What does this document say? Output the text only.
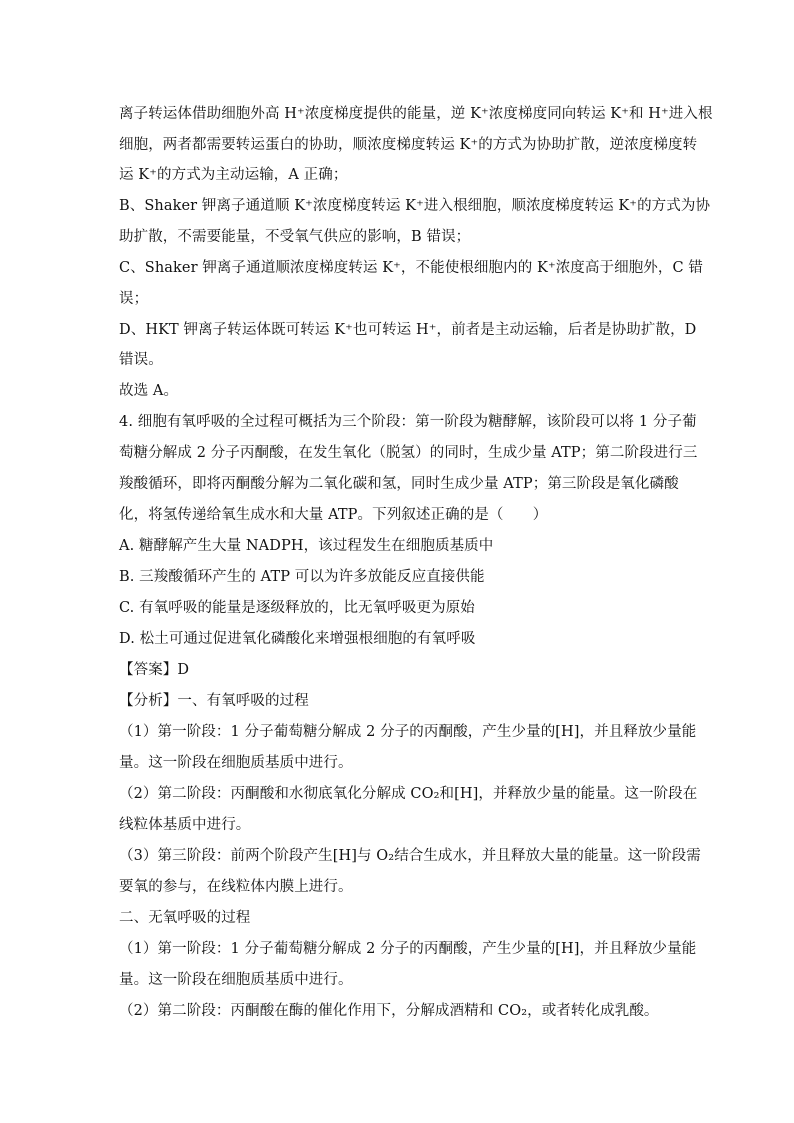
离子转运体借助细胞外高 H⁺浓度梯度提供的能量，逆 K⁺浓度梯度同向转运 K⁺和 H⁺进入根
细胞，两者都需要转运蛋白的协助，顺浓度梯度转运 K⁺的方式为协助扩散，逆浓度梯度转
运 K⁺的方式为主动运输，A 正确；
B、Shaker 钾离子通道顺 K⁺浓度梯度转运 K⁺进入根细胞，顺浓度梯度转运 K⁺的方式为协
助扩散，不需要能量，不受氧气供应的影响，B 错误；
C、Shaker 钾离子通道顺浓度梯度转运 K⁺，不能使根细胞内的 K⁺浓度高于细胞外，C 错
误；
D、HKT 钾离子转运体既可转运 K⁺也可转运 H⁺，前者是主动运输，后者是协助扩散，D
错误。
故选 A。
4. 细胞有氧呼吸的全过程可概括为三个阶段：第一阶段为糖酵解，该阶段可以将 1 分子葡
萄糖分解成 2 分子丙酮酸，在发生氧化（脱氢）的同时，生成少量 ATP；第二阶段进行三
羧酸循环，即将丙酮酸分解为二氧化碳和氢，同时生成少量 ATP；第三阶段是氧化磷酸
化，将氢传递给氧生成水和大量 ATP。下列叙述正确的是（　　）
A. 糖酵解产生大量 NADPH，该过程发生在细胞质基质中
B. 三羧酸循环产生的 ATP 可以为许多放能反应直接供能
C. 有氧呼吸的能量是逐级释放的，比无氧呼吸更为原始
D. 松土可通过促进氧化磷酸化来增强根细胞的有氧呼吸
【答案】D
【分析】一、有氧呼吸的过程
（1）第一阶段：1 分子葡萄糖分解成 2 分子的丙酮酸，产生少量的[H]，并且释放少量能
量。这一阶段在细胞质基质中进行。
（2）第二阶段：丙酮酸和水彻底氧化分解成 CO₂和[H]，并释放少量的能量。这一阶段在
线粒体基质中进行。
（3）第三阶段：前两个阶段产生[H]与 O₂结合生成水，并且释放大量的能量。这一阶段需
要氧的参与，在线粒体内膜上进行。
二、无氧呼吸的过程
（1）第一阶段：1 分子葡萄糖分解成 2 分子的丙酮酸，产生少量的[H]，并且释放少量能
量。这一阶段在细胞质基质中进行。
（2）第二阶段：丙酮酸在酶的催化作用下，分解成酒精和 CO₂，或者转化成乳酸。
